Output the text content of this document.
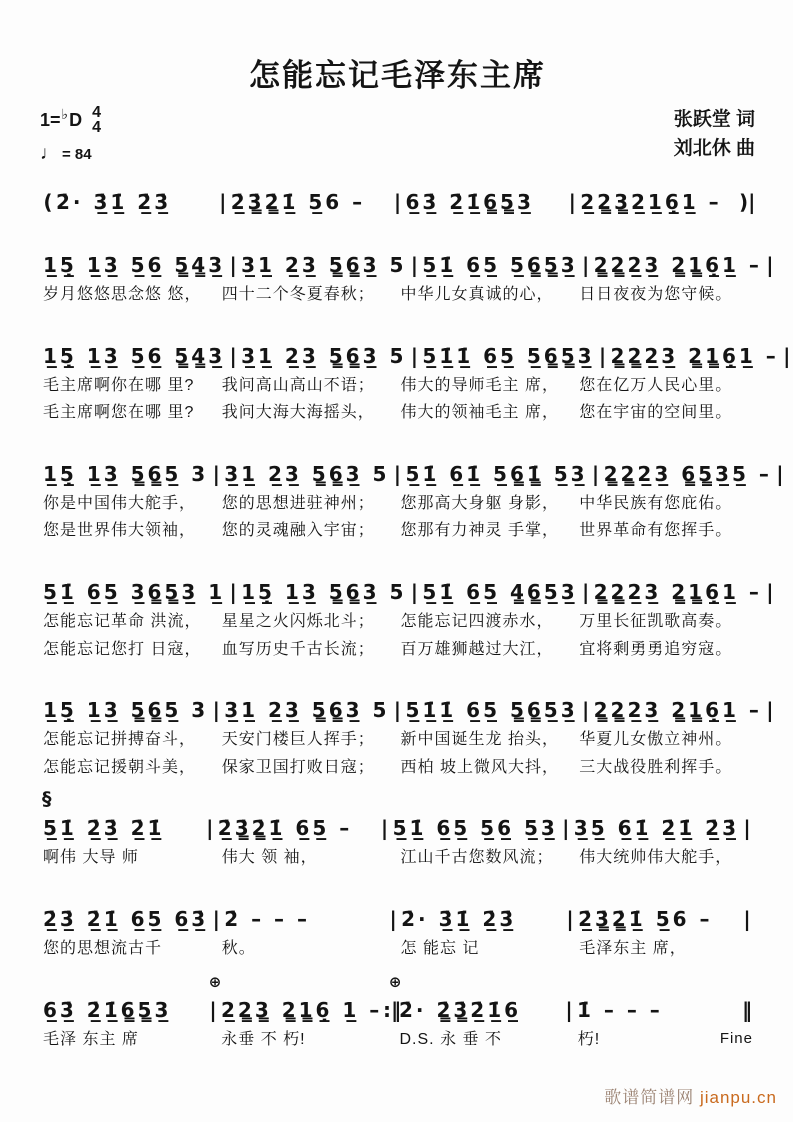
怎能忘记毛泽东主席
1= ♭ D 4
4
♩ = 84
张跃堂 词
刘北休 曲
( 2̇· 3̲̇1̲̇ 2̲̇3̲̇	| 2̲̇3̳̇2̳̇1̲̇ 5̲6 –	| 6̲3̲̇ 2̲̇1̲̇6̳5̳3̲	| 2̲2̳3̳2̲1̲6̣̲1̲ – )|
1̲5̣̲ 1̲3̲ 5̲6̲ 5̳4̳3̲ | 3̲1̲ 2̲3̲ 5̳6̳3̲ 5 | 5̲1̲̇ 6̲5̲ 5̲6̳5̳3̲ | 2̳2̳2̲3̲ 2̳1̳6̣̲1̲ – |
岁月悠悠思念悠 悠，	四十二个冬夏春秋；	中华儿女真诚的心，	日日夜夜为您守候。
1̲5̣̲ 1̲3̲ 5̲6̲ 5̳4̳3̲ | 3̲1̲ 2̲3̲ 5̳6̳3̲ 5 | 5̲1̲̇1̲̇ 6̲5̲ 5̲6̳5̳3̲ | 2̳2̳2̲3̲ 2̳1̳6̣̲1̲ – |
毛主席啊你在哪 里?	我问高山高山不语；	伟大的导师毛主 席，	您在亿万人民心里。
毛主席啊您在哪 里?	我问大海大海摇头，	伟大的领袖毛主 席，	您在宇宙的空间里。
1̲5̣̲ 1̲3̲ 5̳6̳5̲ 3 | 3̲1̲ 2̲3̲ 5̳6̳3̲ 5 | 5̲1̲̇ 6̲1̲̇ 5̲6̳1̳̇ 5̲3̲ | 2̳2̳2̲3̲ 6̳5̳3̲5̲ – |
你是中国伟大舵手，	您的思想进驻神州；	您那高大身躯 身影，	中华民族有您庇佑。
您是世界伟大领袖，	您的灵魂融入宇宙；	您那有力神灵 手掌，	世界革命有您挥手。
5̲1̲̇ 6̲5̲ 3̲6̳5̳3̲ 1̲ | 1̲5̣̲ 1̲3̲ 5̳6̳3̲ 5 | 5̲1̲̇ 6̲5̲ 4̳6̳5̲3̲ | 2̳2̳2̲3̲ 2̳1̳6̣̲1̲ – |
怎能忘记革命 洪流，	星星之火闪烁北斗；	怎能忘记四渡赤水，	万里长征凯歌高奏。
怎能忘记您打 日寇，	血写历史千古长流；	百万雄狮越过大江，	宜将剩勇勇追穷寇。
1̲5̣̲ 1̲3̲ 5̳6̳5̲ 3 | 3̲1̲ 2̲3̲ 5̳6̳3̲ 5 | 5̲1̲̇1̲̇ 6̲5̲ 5̳6̳5̲3̲ | 2̳2̳2̲3̲ 2̳1̳6̣̲1̲ – |
怎能忘记拼搏奋斗，	天安门楼巨人挥手；	新中国诞生龙 抬头，	华夏儿女傲立神州。
怎能忘记援朝斗美，	保家卫国打败日寇；	西柏 坡上微风大抖，	三大战役胜利挥手。
§
5̲1̲̇ 2̲̇3̲̇ 2̲̇1̲̇	| 2̲̇3̳̇2̳̇1̲̇ 6̲5̲ –	| 5̲1̲̇ 6̲5̲ 5̲6̲ 5̲3̲ | 3̲5̲ 6̲1̲̇ 2̲̇1̲̇ 2̲̇3̲̇ |
啊伟 大导 师	伟大 领 袖，	江山千古您数风流；	伟大统帅伟大舵手，
2̲̇3̲̇ 2̲̇1̲̇ 6̲5̲ 6̲3̲̇ | 2̇ – – –	| 2̇· 3̲̇1̲̇ 2̲̇3̲̇	| 2̲̇3̳̇2̳̇1̲̇ 5̲6 –	|
您的思想流古千	秋。	怎 能忘 记	毛泽东主 席，
⊕	⊕
6̲3̲̇ 2̲̇1̲̇6̳5̳3̲	| 2̲2̳3̳ 2̳1̳6̣̲ 1̲ – :‖
2̇· 2̳̇3̳̇2̲̇1̲̇6̲	| 1̇ – – –	‖
毛泽 东主 席	永垂 不 朽!	D.S. 永 垂 不	朽!	Fine
歌谱简谱网 jianpu.cn
